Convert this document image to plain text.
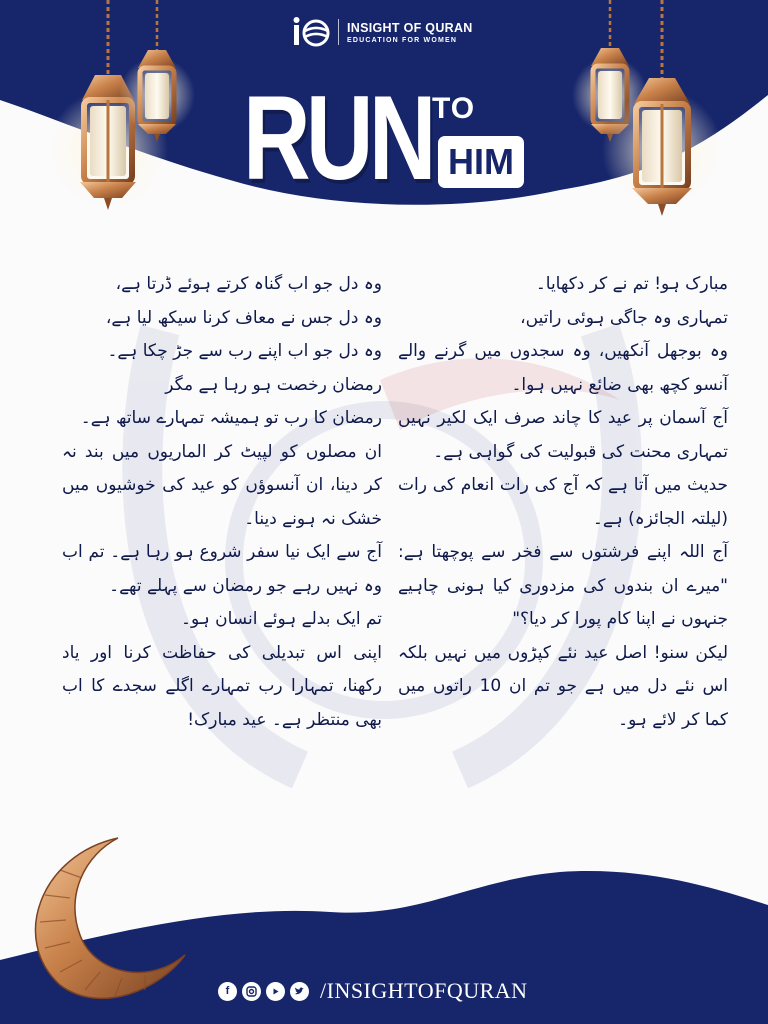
INSIGHT OF QURAN
EDUCATION FOR WOMEN
RUN TO
HIM

مبارک ہو! تم نے کر دکھایا۔

تمہاری وہ جاگی ہوئی راتیں،

وہ بوجھل آنکھیں، وہ سجدوں میں گرنے والے آنسو کچھ بھی ضائع نہیں ہوا۔

آج آسمان پر عید کا چاند صرف ایک لکیر نہیں تمہاری محنت کی قبولیت کی گواہی ہے۔

حدیث میں آتا ہے کہ آج کی رات انعام کی رات (لیلتہ الجائزہ) ہے۔

آج اللہ اپنے فرشتوں سے فخر سے پوچھتا ہے: "میرے ان بندوں کی مزدوری کیا ہونی چاہیے جنہوں نے اپنا کام پورا کر دیا؟"

لیکن سنو! اصل عید نئے کپڑوں میں نہیں بلکہ اس نئے دل میں ہے جو تم ان 10 راتوں میں کما کر لائے ہو۔

وہ دل جو اب گناہ کرتے ہوئے ڈرتا ہے،

وہ دل جس نے معاف کرنا سیکھ لیا ہے،

وہ دل جو اب اپنے رب سے جڑ چکا ہے۔

رمضان رخصت ہو رہا ہے مگر

رمضان کا رب تو ہمیشہ تمہارے ساتھ ہے۔

ان مصلوں کو لپیٹ کر الماریوں میں بند نہ کر دینا، ان آنسوؤں کو عید کی خوشیوں میں خشک نہ ہونے دینا۔

آج سے ایک نیا سفر شروع ہو رہا ہے۔ تم اب وہ نہیں رہے جو رمضان سے پہلے تھے۔

تم ایک بدلے ہوئے انسان ہو۔

اپنی اس تبدیلی کی حفاظت کرنا اور یاد رکھنا، تمہارا رب تمہارے اگلے سجدے کا اب بھی منتظر ہے۔ عید مبارک!

f	/INSIGHTOFQURAN
